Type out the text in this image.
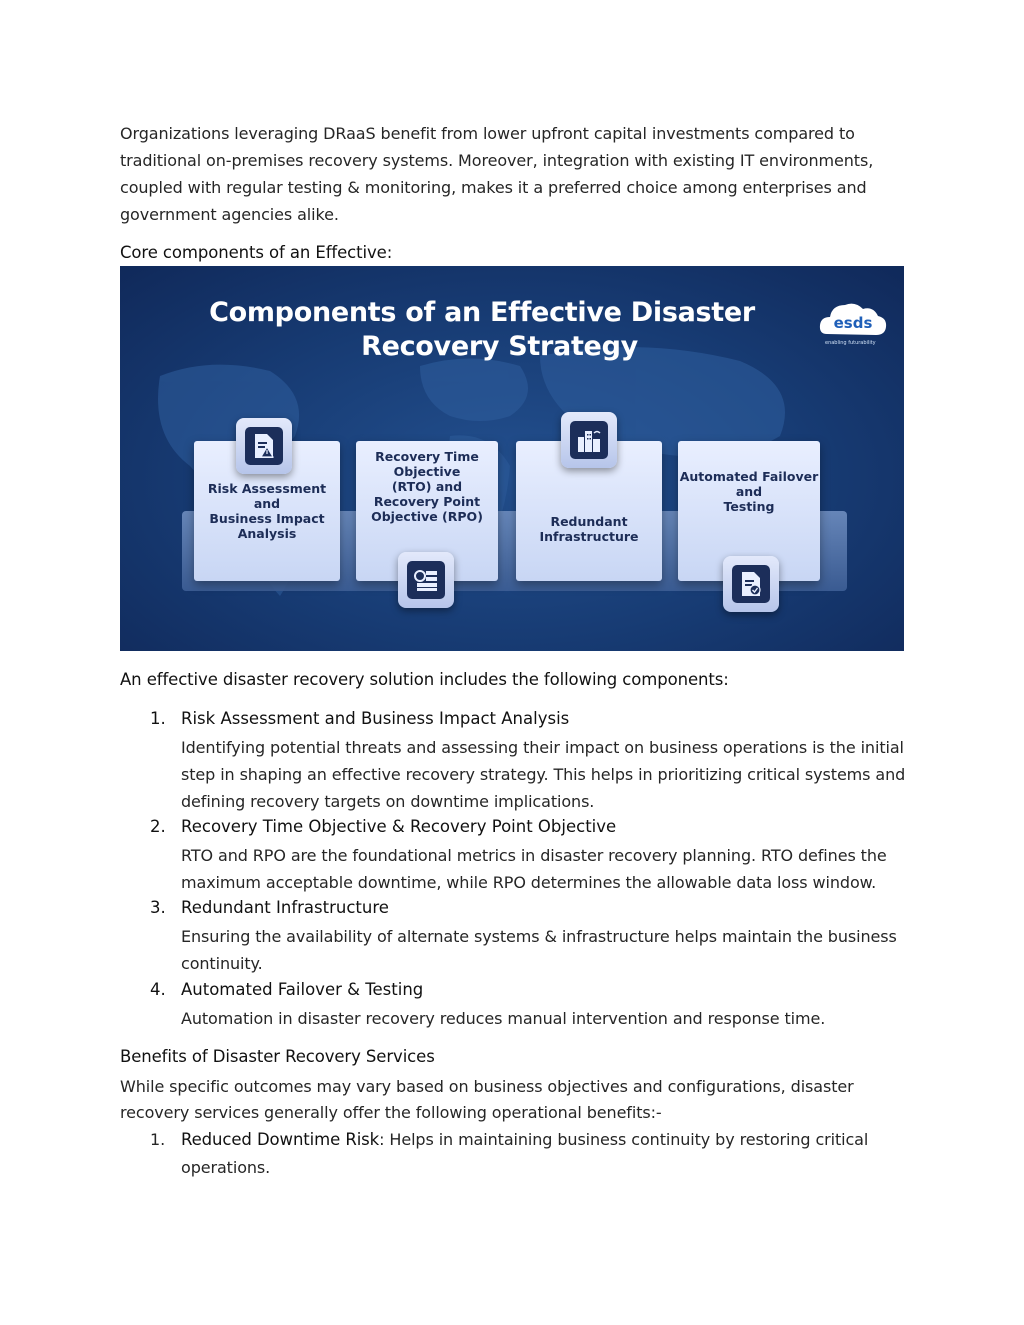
Organizations leveraging DRaaS benefit from lower upfront capital investments compared to traditional on-premises recovery systems. Moreover, integration with existing IT environments, coupled with regular testing & monitoring, makes it a preferred choice among enterprises and government agencies alike.

Core components of an Effective:
Components of an Effective Disaster
Recovery Strategy
esds
enabling futurability

Risk Assessment
and
Business Impact
Analysis

Recovery Time
Objective
(RTO) and
Recovery Point
Objective (RPO)	Redundant
Infrastructure

Automated Failover
and
Testing

An effective disaster recovery solution includes the following components:
1. Risk Assessment and Business Impact Analysis

Identifying potential threats and assessing their impact on business operations is the initial step in shaping an effective recovery strategy. This helps in prioritizing critical systems and defining recovery targets on downtime implications.

2. Recovery Time Objective & Recovery Point Objective

RTO and RPO are the foundational metrics in disaster recovery planning. RTO defines the maximum acceptable downtime, while RPO determines the allowable data loss window.

3. Redundant Infrastructure

Ensuring the availability of alternate systems & infrastructure helps maintain the business continuity.

4. Automated Failover & Testing

Automation in disaster recovery reduces manual intervention and response time.

Benefits of Disaster Recovery Services

While specific outcomes may vary based on business objectives and configurations, disaster recovery services generally offer the following operational benefits:-

1. Reduced Downtime Risk: Helps in maintaining business continuity by restoring critical operations.
